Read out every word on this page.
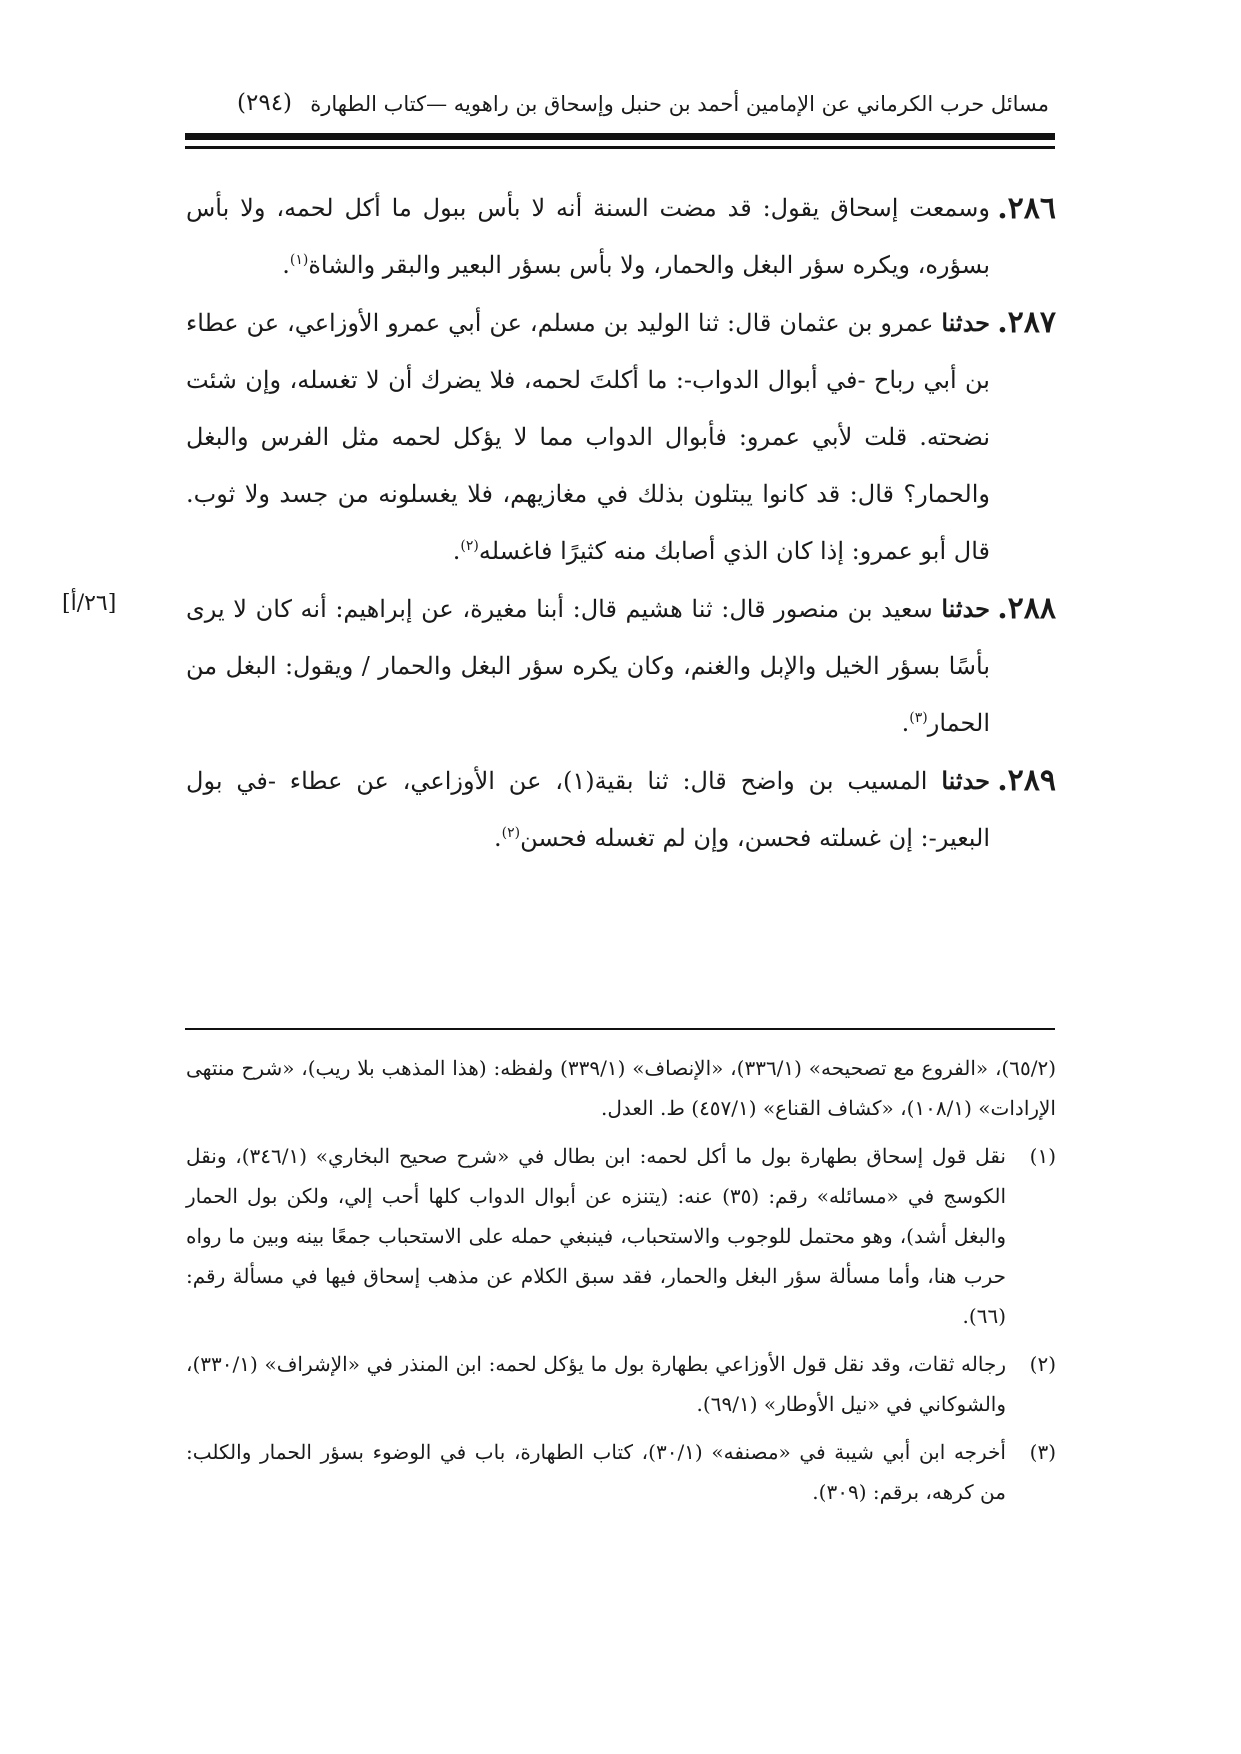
مسائل حرب الكرماني عن الإمامين أحمد بن حنبل وإسحاق بن راهويه —كتاب الطهارة
(٢٩٤)
[٢٦/أ]

٢٨٦.
وسمعت إسحاق يقول: قد مضت السنة أنه لا بأس ببول ما أكل لحمه، ولا بأس بسؤره، ويكره سؤر البغل والحمار، ولا بأس بسؤر البعير والبقر والشاة$^{(١)}$.

٢٨٧.
حدثنا عمرو بن عثمان قال: ثنا الوليد بن مسلم، عن أبي عمرو الأوزاعي، عن عطاء بن أبي رباح -في أبوال الدواب-: ما أكلتَ لحمه، فلا يضرك أن لا تغسله، وإن شئت نضحته. قلت لأبي عمرو: فأبوال الدواب مما لا يؤكل لحمه مثل الفرس والبغل والحمار؟ قال: قد كانوا يبتلون بذلك في مغازيهم، فلا يغسلونه من جسد ولا ثوب. قال أبو عمرو: إذا كان الذي أصابك منه كثيرًا فاغسله$^{(٢)}$.

٢٨٨.
حدثنا سعيد بن منصور قال: ثنا هشيم قال: أبنا مغيرة، عن إبراهيم: أنه كان لا يرى بأسًا بسؤر الخيل والإبل والغنم، وكان يكره سؤر البغل والحمار / ويقول: البغل من الحمار$^{(٣)}$.

٢٨٩.
حدثنا المسيب بن واضح قال: ثنا بقية(١)، عن الأوزاعي، عن عطاء -في بول البعير-: إن غسلته فحسن، وإن لم تغسله فحسن$^{(٢)}$.

(٦٥/٢)، «الفروع مع تصحيحه» (٣٣٦/١)، «الإنصاف» (٣٣٩/١) ولفظه: (هذا المذهب بلا ريب)، «شرح منتهى الإرادات» (١٠٨/١)، «كشاف القناع» (٤٥٧/١) ط. العدل.

(١)
نقل قول إسحاق بطهارة بول ما أكل لحمه: ابن بطال في «شرح صحيح البخاري» (٣٤٦/١)، ونقل الكوسج في «مسائله» رقم: (٣٥) عنه: (يتنزه عن أبوال الدواب كلها أحب إلي، ولكن بول الحمار والبغل أشد)، وهو محتمل للوجوب والاستحباب، فينبغي حمله على الاستحباب جمعًا بينه وبين ما رواه حرب هنا، وأما مسألة سؤر البغل والحمار، فقد سبق الكلام عن مذهب إسحاق فيها في مسألة رقم: (٦٦).

(٢)
رجاله ثقات، وقد نقل قول الأوزاعي بطهارة بول ما يؤكل لحمه: ابن المنذر في «الإشراف» (٣٣٠/١)، والشوكاني في «نيل الأوطار» (٦٩/١).

(٣)
أخرجه ابن أبي شيبة في «مصنفه» (٣٠/١)، كتاب الطهارة، باب في الوضوء بسؤر الحمار والكلب: من كرهه، برقم: (٣٠٩).
